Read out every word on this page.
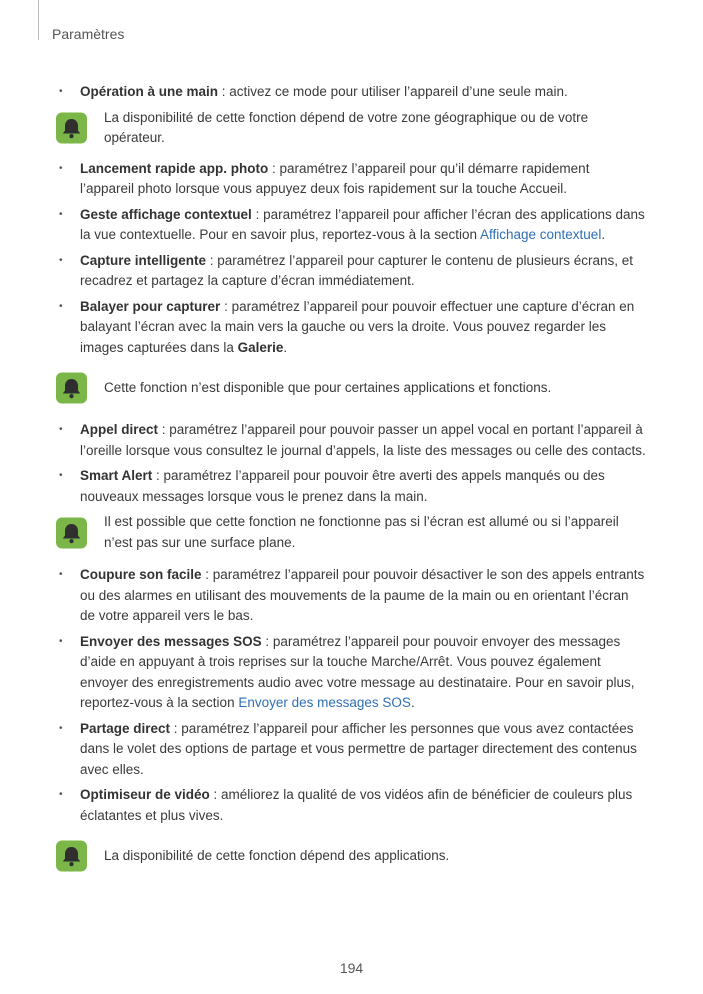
Paramètres
• Opération à une main : activez ce mode pour utiliser l’appareil d’une seule main.
La disponibilité de cette fonction dépend de votre zone géographique ou de votre opérateur.
• Lancement rapide app. photo : paramétrez l’appareil pour qu’il démarre rapidement l’appareil photo lorsque vous appuyez deux fois rapidement sur la touche Accueil.
• Geste affichage contextuel : paramétrez l’appareil pour afficher l’écran des applications dans la vue contextuelle. Pour en savoir plus, reportez-vous à la section Affichage contextuel.
• Capture intelligente : paramétrez l’appareil pour capturer le contenu de plusieurs écrans, et recadrez et partagez la capture d’écran immédiatement.
• Balayer pour capturer : paramétrez l’appareil pour pouvoir effectuer une capture d’écran en balayant l’écran avec la main vers la gauche ou vers la droite. Vous pouvez regarder les images capturées dans la Galerie.
Cette fonction n’est disponible que pour certaines applications et fonctions.
• Appel direct : paramétrez l’appareil pour pouvoir passer un appel vocal en portant l’appareil à l’oreille lorsque vous consultez le journal d’appels, la liste des messages ou celle des contacts.
• Smart Alert : paramétrez l’appareil pour pouvoir être averti des appels manqués ou des nouveaux messages lorsque vous le prenez dans la main.
Il est possible que cette fonction ne fonctionne pas si l’écran est allumé ou si l’appareil n’est pas sur une surface plane.
• Coupure son facile : paramétrez l’appareil pour pouvoir désactiver le son des appels entrants ou des alarmes en utilisant des mouvements de la paume de la main ou en orientant l’écran de votre appareil vers le bas.
• Envoyer des messages SOS : paramétrez l’appareil pour pouvoir envoyer des messages d’aide en appuyant à trois reprises sur la touche Marche/Arrêt. Vous pouvez également envoyer des enregistrements audio avec votre message au destinataire. Pour en savoir plus, reportez-vous à la section Envoyer des messages SOS.
• Partage direct : paramétrez l’appareil pour afficher les personnes que vous avez contactées dans le volet des options de partage et vous permettre de partager directement des contenus avec elles.
• Optimiseur de vidéo : améliorez la qualité de vos vidéos afin de bénéficier de couleurs plus éclatantes et plus vives.
La disponibilité de cette fonction dépend des applications.
194
